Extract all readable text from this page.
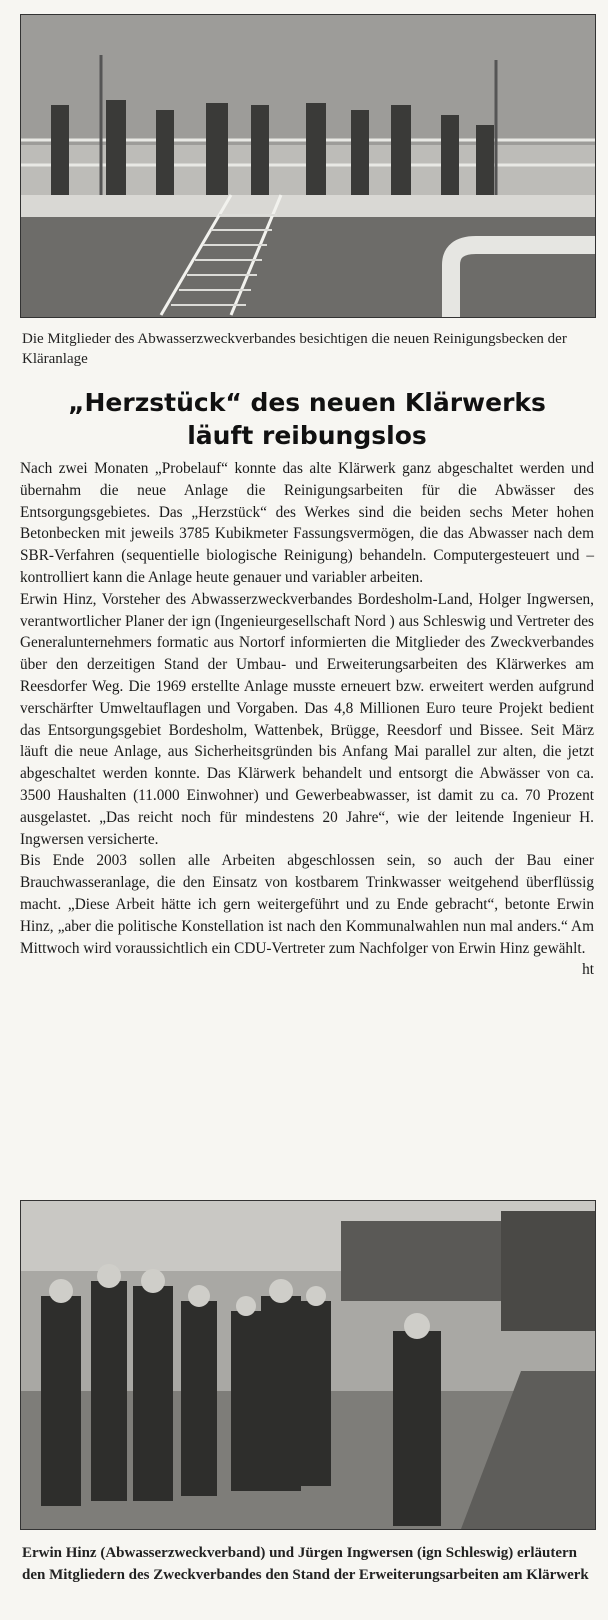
Die Mitglieder des Abwasserzweckverbandes besichtigen die neuen Reinigungsbecken der Kläranlage
„Herzstück“ des neuen Klärwerks
läuft reibungslos

Nach zwei Monaten „Probelauf“ konnte das alte Klärwerk ganz abgeschaltet werden und übernahm die neue Anlage die Reinigungsarbeiten für die Abwässer des Entsorgungsgebietes. Das „Herzstück“ des Werkes sind die beiden sechs Meter hohen Betonbecken mit jeweils 3785 Kubikmeter Fassungsvermögen, die das Abwasser nach dem SBR-Verfahren (sequentielle biologische Reinigung) behandeln. Computergesteuert und – kontrolliert kann die Anlage heute genauer und variabler arbeiten.

Erwin Hinz, Vorsteher des Abwasserzweckverbandes Bordesholm-Land, Holger Ingwersen, verantwortlicher Planer der ign (Ingenieurgesellschaft Nord ) aus Schleswig und Vertreter des Generalunternehmers formatic aus Nortorf informierten die Mitglieder des Zweckverbandes über den derzeitigen Stand der Umbau- und Erweiterungsarbeiten des Klärwerkes am Reesdorfer Weg. Die 1969 erstellte Anlage musste erneuert bzw. erweitert werden aufgrund verschärfter Umweltauflagen und Vorgaben. Das 4,8 Millionen Euro teure Projekt bedient das Entsorgungsgebiet Bordesholm, Wattenbek, Brügge, Reesdorf und Bissee. Seit März läuft die neue Anlage, aus Sicherheitsgründen bis Anfang Mai parallel zur alten, die jetzt abgeschaltet werden konnte. Das Klärwerk behandelt und entsorgt die Abwässer von ca. 3500 Haushalten (11.000 Einwohner) und Gewerbeabwasser, ist damit zu ca. 70 Prozent ausgelastet. „Das reicht noch für mindestens 20 Jahre“, wie der leitende Ingenieur H. Ingwersen versicherte.

Bis Ende 2003 sollen alle Arbeiten abgeschlossen sein, so auch der Bau einer Brauchwasseranlage, die den Einsatz von kostbarem Trinkwasser weitgehend überflüssig macht. „Diese Arbeit hätte ich gern weitergeführt und zu Ende gebracht“, betonte Erwin Hinz, „aber die politische Konstellation ist nach den Kommunalwahlen nun mal anders.“ Am Mittwoch wird voraussichtlich ein CDU-Vertreter zum Nachfolger von Erwin Hinz gewählt.
ht

Erwin Hinz (Abwasserzweckverband) und Jürgen Ingwersen (ign Schleswig) erläutern den Mitgliedern des Zweckverbandes den Stand der Erweiterungsarbeiten am Klärwerk
